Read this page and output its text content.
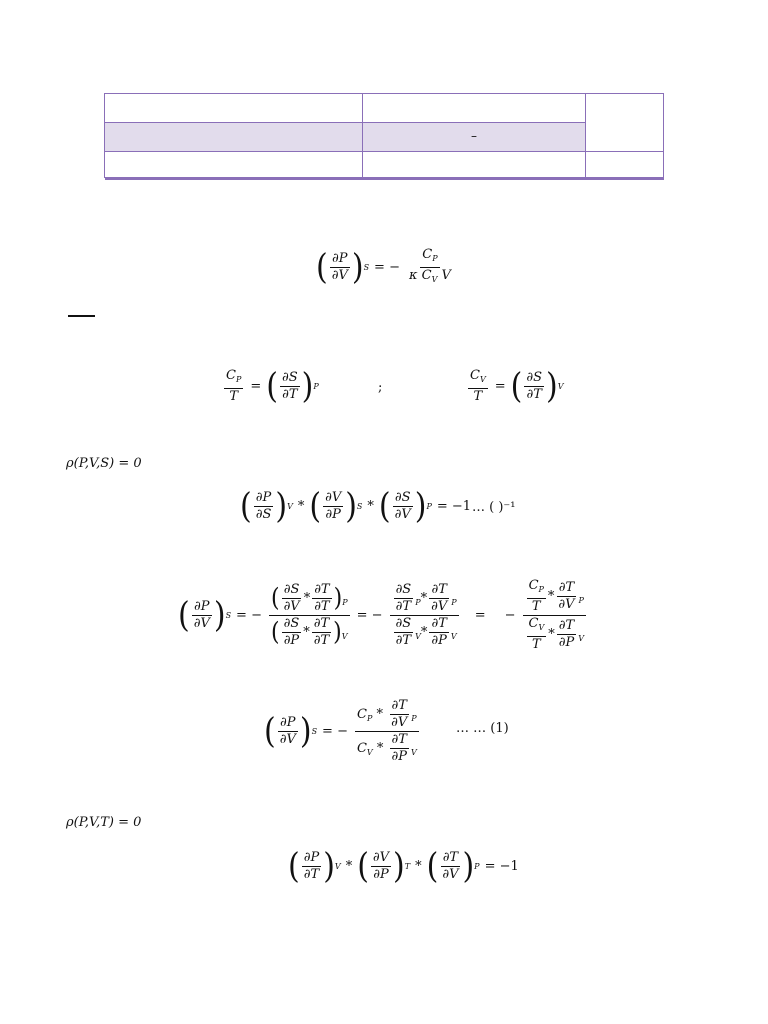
–
( $\frac{\partial P}{\partial V}$ ) S = − $\frac{C_P}{\kappa C_V V}$
$\frac{C_P}{T}$ = ( $\frac{\partial S}{\partial T}$ ) P	;	$\frac{C_V}{T}$ = ( $\frac{\partial S}{\partial T}$ ) V
ρ(P,V,S) = 0
( $\frac{\partial P}{\partial S}$ ) V * ( $\frac{\partial V}{\partial P}$ ) S * ( $\frac{\partial S}{\partial V}$ ) P = −1 … ( )⁻¹
( $\frac{\partial P}{\partial V}$ ) S = − $\frac{( \frac{\partial S}{\partial V} * \frac{\partial T}{\partial T} ) _P}{( \frac{\partial S}{\partial P} * \frac{\partial T}{\partial T} ) _V}$ = − $\frac{\frac{\partial S}{\partial T} _P* \frac{\partial T}{\partial V} _P}{\frac{\partial S}{\partial T} _V* \frac{\partial T}{\partial P} _V}$ = − $\frac{\frac{C_P}{T} * \frac{\partial T}{\partial V} _P}{\frac{C_V}{T} * \frac{\partial T}{\partial P} _V}$
( $\frac{\partial P}{\partial V}$ ) S = − $\frac{C_P * \frac{\partial T}{\partial V} _P}{C_V * \frac{\partial T}{\partial P} _V}$	… … (1)
ρ(P,V,T) = 0
( $\frac{\partial P}{\partial T}$ ) V * ( $\frac{\partial V}{\partial P}$ ) T * ( $\frac{\partial T}{\partial V}$ ) P = −1
